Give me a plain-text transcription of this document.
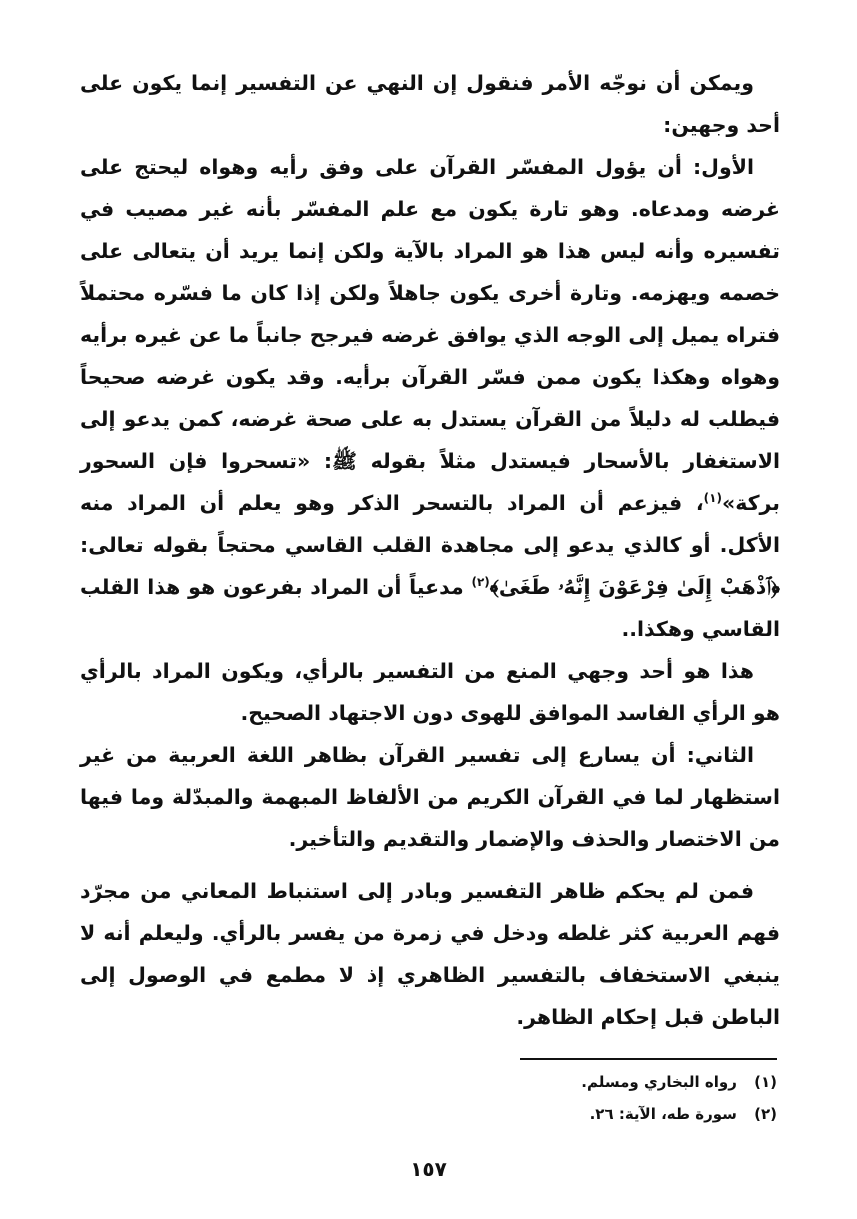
ويمكن أن نوجّه الأمر فنقول إن النهي عن التفسير إنما يكون على أحد وجهين:

الأول: أن يؤول المفسّر القرآن على وفق رأيه وهواه ليحتج على غرضه ومدعاه. وهو تارة يكون مع علم المفسّر بأنه غير مصيب في تفسيره وأنه ليس هذا هو المراد بالآية ولكن إنما يريد أن يتعالى على خصمه ويهزمه. وتارة أخرى يكون جاهلاً ولكن إذا كان ما فسّره محتملاً فتراه يميل إلى الوجه الذي يوافق غرضه فيرجح جانباً ما عن غيره برأيه وهواه وهكذا يكون ممن فسّر القرآن برأيه. وقد يكون غرضه صحيحاً فيطلب له دليلاً من القرآن يستدل به على صحة غرضه، كمن يدعو إلى الاستغفار بالأسحار فيستدل مثلاً بقوله ﷺ: «تسحروا فإن السحور بركة»$^{(١)}$، فيزعم أن المراد بالتسحر الذكر وهو يعلم أن المراد منه الأكل. أو كالذي يدعو إلى مجاهدة القلب القاسي محتجاً بقوله تعالى: ﴿ٱذْهَبْ إِلَىٰ فِرْعَوْنَ إِنَّهُۥ طَغَىٰ﴾$^{(٢)}$ مدعياً أن المراد بفرعون هو هذا القلب القاسي وهكذا..

هذا هو أحد وجهي المنع من التفسير بالرأي، ويكون المراد بالرأي هو الرأي الفاسد الموافق للهوى دون الاجتهاد الصحيح.

الثاني: أن يسارع إلى تفسير القرآن بظاهر اللغة العربية من غير استظهار لما في القرآن الكريم من الألفاظ المبهمة والمبدّلة وما فيها من الاختصار والحذف والإضمار والتقديم والتأخير.

فمن لم يحكم ظاهر التفسير وبادر إلى استنباط المعاني من مجرّد فهم العربية كثر غلطه ودخل في زمرة من يفسر بالرأي. وليعلم أنه لا ينبغي الاستخفاف بالتفسير الظاهري إذ لا مطمع في الوصول إلى الباطن قبل إحكام الظاهر.

(١) رواه البخاري ومسلم.

(٢) سورة طه، الآية: ٢٦.

١٥٧
